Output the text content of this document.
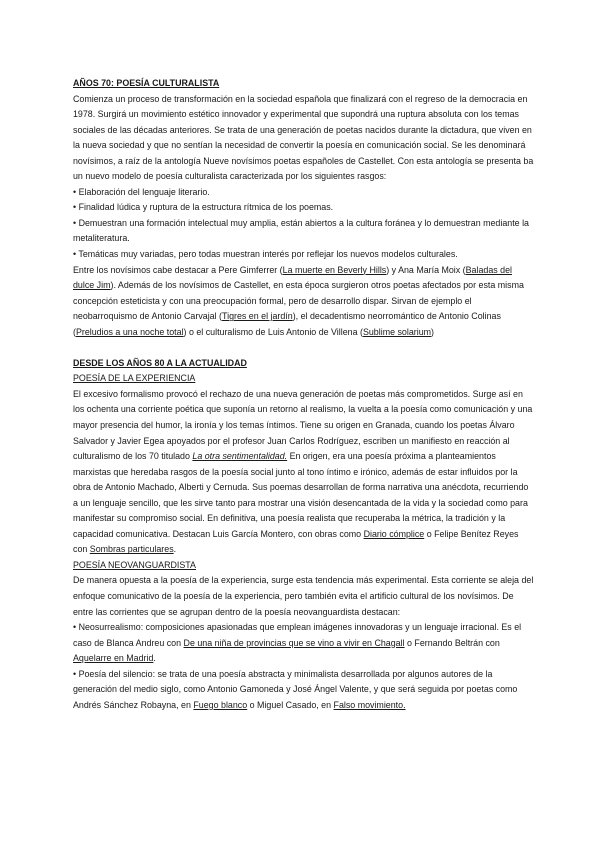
AÑOS 70: POESÍA CULTURALISTA

Comienza un proceso de transformación en la sociedad española que finalizará con el regreso de la democracia en 1978. Surgirá un movimiento estético innovador y experimental que supondrá una ruptura absoluta con los temas sociales de las décadas anteriores. Se trata de una generación de poetas nacidos durante la dictadura, que viven en la nueva sociedad y que no sentían la necesidad de convertir la poesía en comunicación social. Se les denominará novísimos, a raíz de la antología Nueve novísimos poetas españoles de Castellet. Con esta antología se presenta ba un nuevo modelo de poesía culturalista caracterizada por los siguientes rasgos:

• Elaboración del lenguaje literario.
• Finalidad lúdica y ruptura de la estructura rítmica de los poemas.
• Demuestran una formación intelectual muy amplia, están abiertos a la cultura foránea y lo demuestran mediante la metaliteratura.
• Temáticas muy variadas, pero todas muestran interés por reflejar los nuevos modelos culturales.

Entre los novísimos cabe destacar a Pere Gimferrer (La muerte en Beverly Hills) y Ana María Moix (Baladas del dulce Jim). Además de los novísimos de Castellet, en esta época surgieron otros poetas afectados por esta misma concepción esteticista y con una preocupación formal, pero de desarrollo dispar. Sirvan de ejemplo el neobarroquismo de Antonio Carvajal (Tigres en el jardín), el decadentismo neorromántico de Antonio Colinas (Preludios a una noche total) o el culturalismo de Luis Antonio de Villena (Sublime solarium)

DESDE LOS AÑOS 80 A LA ACTUALIDAD
POESÍA DE LA EXPERIENCIA

El excesivo formalismo provocó el rechazo de una nueva generación de poetas más comprometidos. Surge así en los ochenta una corriente poética que suponía un retorno al realismo, la vuelta a la poesía como comunicación y una mayor presencia del humor, la ironía y los temas íntimos. Tiene su origen en Granada, cuando los poetas Álvaro Salvador y Javier Egea apoyados por el profesor Juan Carlos Rodríguez, escriben un manifiesto en reacción al culturalismo de los 70 titulado La otra sentimentalidad. En origen, era una poesía próxima a planteamientos marxistas que heredaba rasgos de la poesía social junto al tono íntimo e irónico, además de estar influidos por la obra de Antonio Machado, Alberti y Cernuda. Sus poemas desarrollan de forma narrativa una anécdota, recurriendo a un lenguaje sencillo, que les sirve tanto para mostrar una visión desencantada de la vida y la sociedad como para manifestar su compromiso social. En definitiva, una poesía realista que recuperaba la métrica, la tradición y la capacidad comunicativa. Destacan Luis García Montero, con obras como Diario cómplice o Felipe Benítez Reyes con Sombras particulares.

POESÍA NEOVANGUARDISTA

De manera opuesta a la poesía de la experiencia, surge esta tendencia más experimental. Esta corriente se aleja del enfoque comunicativo de la poesía de la experiencia, pero también evita el artificio cultural de los novísimos. De entre las corrientes que se agrupan dentro de la poesía neovanguardista destacan:

• Neosurrealismo: composiciones apasionadas que emplean imágenes innovadoras y un lenguaje irracional. Es el caso de Blanca Andreu con De una niña de provincias que se vino a vivir en Chagall o Fernando Beltrán con Aquelarre en Madrid.

• Poesía del silencio: se trata de una poesía abstracta y minimalista desarrollada por algunos autores de la generación del medio siglo, como Antonio Gamoneda y José Ángel Valente, y que será seguida por poetas como Andrés Sánchez Robayna, en Fuego blanco o Miguel Casado, en Falso movimiento.
